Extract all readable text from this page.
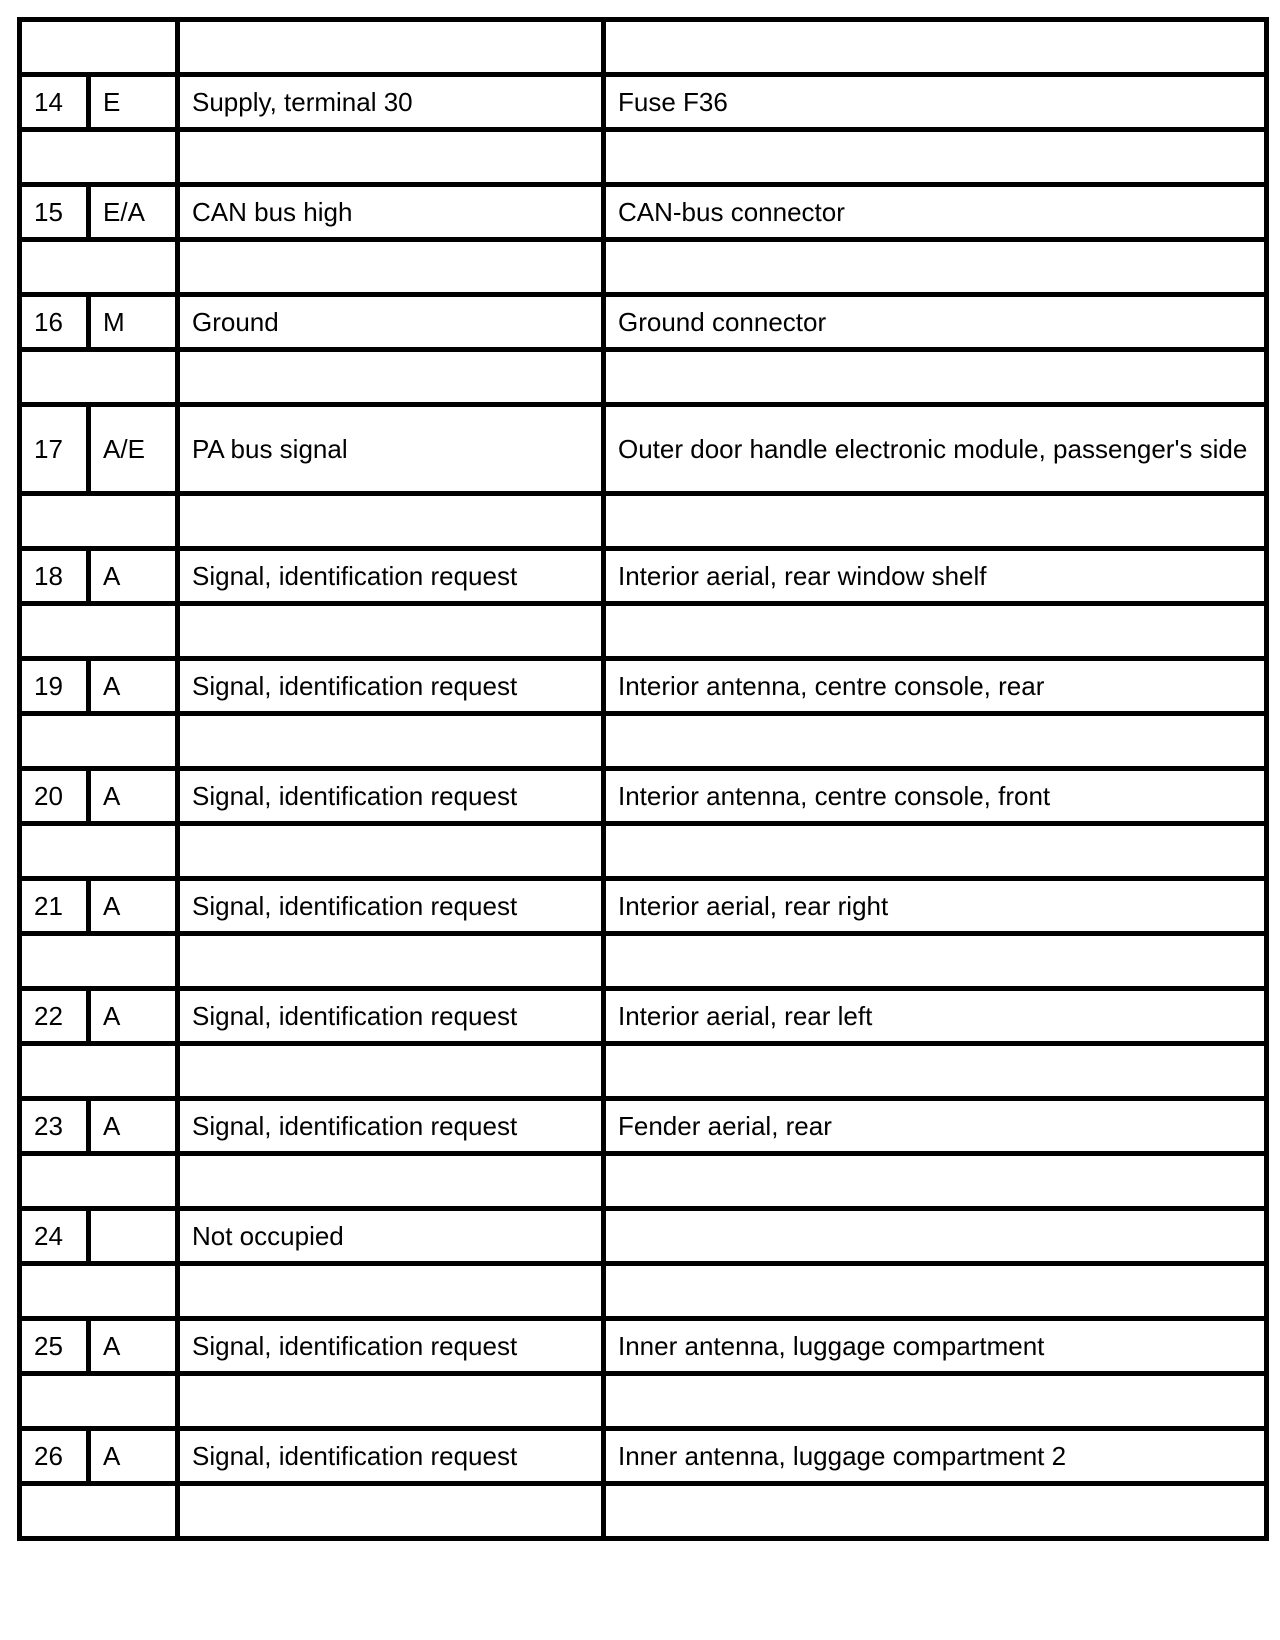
14	E	Supply, terminal 30	Fuse F36

15	E/A	CAN bus high	CAN-bus connector

16	M	Ground	Ground connector

17	A/E	PA bus signal	Outer door handle electronic module, passenger's side

18	A	Signal, identification request	Interior aerial, rear window shelf

19	A	Signal, identification request	Interior antenna, centre console, rear

20	A	Signal, identification request	Interior antenna, centre console, front

21	A	Signal, identification request	Interior aerial, rear right

22	A	Signal, identification request	Interior aerial, rear left

23	A	Signal, identification request	Fender aerial, rear

24		Not occupied	

25	A	Signal, identification request	Inner antenna, luggage compartment

26	A	Signal, identification request	Inner antenna, luggage compartment 2
